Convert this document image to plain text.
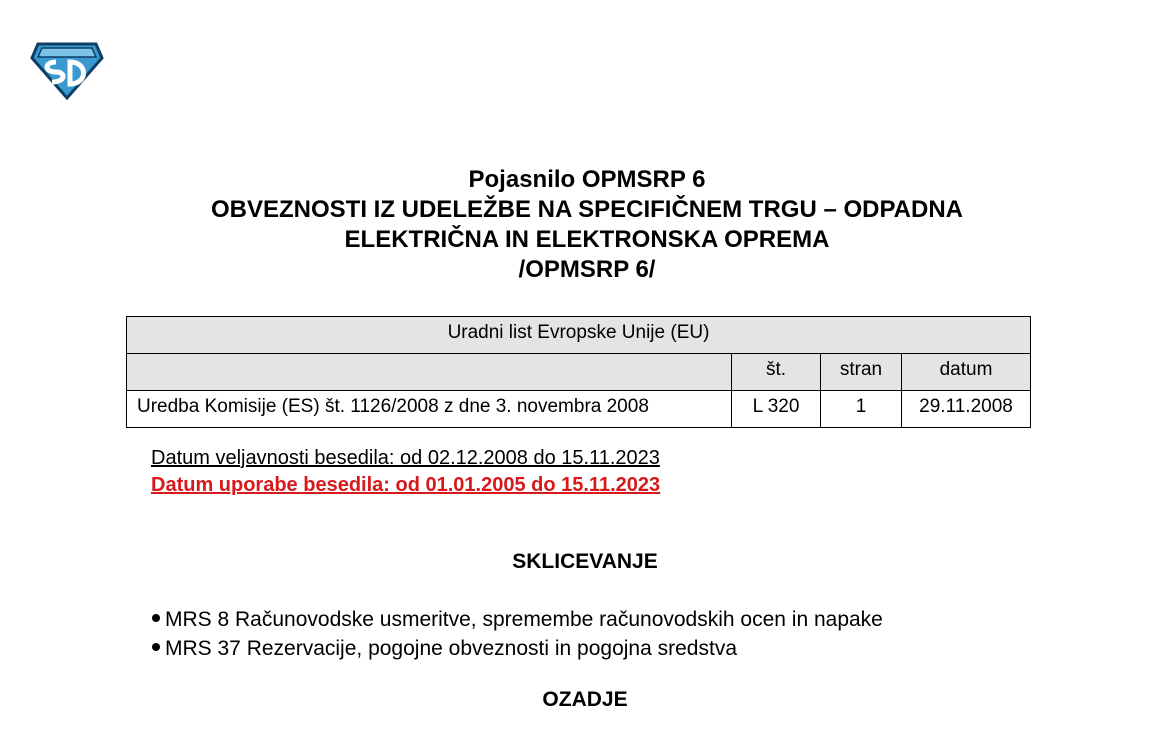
Pojasnilo OPMSRP 6
OBVEZNOSTI IZ UDELEŽBE NA SPECIFIČNEM TRGU – ODPADNA
ELEKTRIČNA IN ELEKTRONSKA OPREMA
/OPMSRP 6/
Uradni list Evropske Unije (EU)			
	št.	stran	datum
Uredba Komisije (ES) št. 1126/2008 z dne 3. novembra 2008	L 320	1	29.11.2008
Datum veljavnosti besedila: od 02.12.2008 do 15.11.2023
Datum uporabe besedila: od 01.01.2005 do 15.11.2023
SKLICEVANJE
MRS 8 Računovodske usmeritve, spremembe računovodskih ocen in napake
MRS 37 Rezervacije, pogojne obveznosti in pogojna sredstva
OZADJE
